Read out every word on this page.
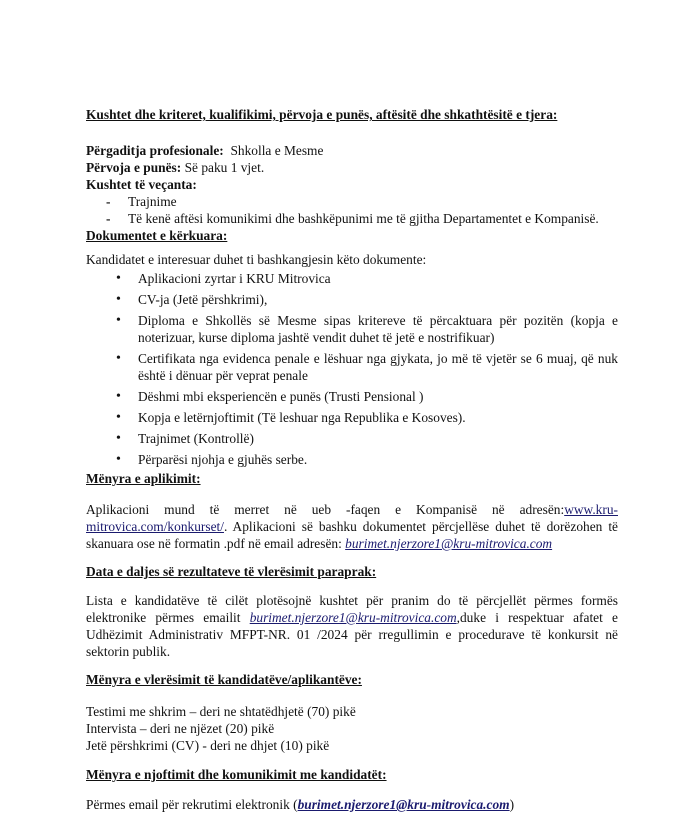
Kushtet dhe kriteret, kualifikimi, përvoja e punës, aftësitë dhe shkathtësitë e tjera:
Përgaditja profesionale: Shkolla e Mesme
Përvoja e punës: Së paku 1 vjet.
Kushtet të veçanta:
- Trajnime
- Të kenë aftësi komunikimi dhe bashkëpunimi me të gjitha Departamentet e Kompanisë.
Dokumentet e kërkuara:
Kandidatet e interesuar duhet ti bashkangjesin këto dokumente:
• Aplikacioni zyrtar i KRU Mitrovica
• CV-ja (Jetë përshkrimi),
• Diploma e Shkollës së Mesme sipas kritereve të përcaktuara për pozitën (kopja e noterizuar, kurse diploma jashtë vendit duhet të jetë e nostrifikuar)
• Certifikata nga evidenca penale e lëshuar nga gjykata, jo më të vjetër se 6 muaj, që nuk është i dënuar për veprat penale
• Dëshmi mbi eksperiencën e punës (Trusti Pensional )
• Kopja e letërnjoftimit (Të leshuar nga Republika e Kosoves).
• Trajnimet (Kontrollë)
• Përparësi njohja e gjuhës serbe.
Mënyra e aplikimit:
Aplikacioni mund të merret në ueb -faqen e Kompanisë në adresën:www.kru-mitrovica.com/konkurset/. Aplikacioni së bashku dokumentet përcjellëse duhet të dorëzohen të skanuara ose në formatin .pdf në email adresën: burimet.njerzore1@kru-mitrovica.com
Data e daljes së rezultateve të vlerësimit paraprak:
Lista e kandidatëve të cilët plotësojnë kushtet për pranim do të përcjellët përmes formës elektronike përmes emailit burimet.njerzore1@kru-mitrovica.com,duke i respektuar afatet e Udhëzimit Administrativ MFPT-NR. 01 /2024 për rregullimin e procedurave të konkursit në sektorin publik.
Mënyra e vlerësimit të kandidatëve/aplikantëve:
Testimi me shkrim – deri ne shtatëdhjetë (70) pikë
Intervista – deri ne njëzet (20) pikë
Jetë përshkrimi (CV) - deri ne dhjet (10) pikë
Mënyra e njoftimit dhe komunikimit me kandidatët:
Përmes email për rekrutimi elektronik (burimet.njerzore1@kru-mitrovica.com)
